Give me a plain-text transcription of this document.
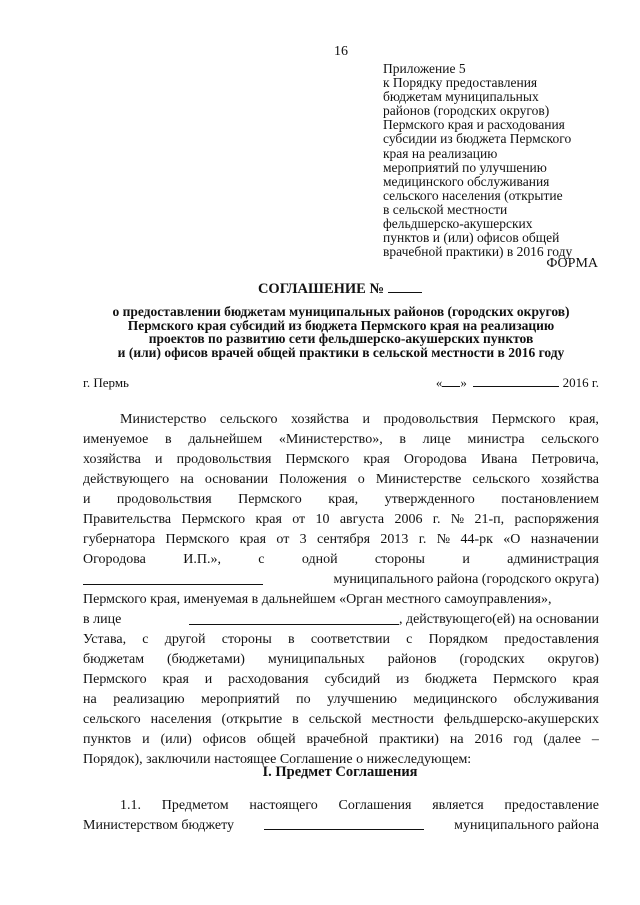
16
Приложение 5
к Порядку предоставления
бюджетам муниципальных
районов (городских округов)
Пермского края и расходования
субсидии из бюджета Пермского
края на реализацию
мероприятий по улучшению
медицинского обслуживания
сельского населения (открытие
в сельской местности
фельдшерско-акушерских
пунктов и (или) офисов общей
врачебной практики) в 2016 году
ФОРМА
СОГЛАШЕНИЕ №
о предоставлении бюджетам муниципальных районов (городских округов)
Пермского края субсидий из бюджета Пермского края на реализацию
проектов по развитию сети фельдшерско-акушерских пунктов
и (или) офисов врачей общей практики в сельской местности в 2016 году
г. Пермь	« »	2016 г.
Министерство сельского хозяйства и продовольствия Пермского края,
именуемое в дальнейшем «Министерство», в лице министра сельского
хозяйства и продовольствия Пермского края Огородова Ивана Петровича,
действующего на основании Положения о Министерстве сельского хозяйства
и продовольствия Пермского края, утвержденного постановлением
Правительства Пермского края от 10 августа 2006 г. № 21-п, распоряжения
губернатора Пермского края от 3 сентября 2013 г. № 44-рк «О назначении
Огородова	И.П.»,	с	одной	стороны	и	администрация
муниципального района (городского округа)
Пермского края, именуемая в дальнейшем «Орган местного самоуправления»,
в лице	, действующего(ей) на основании
Устава, с другой стороны в соответствии с Порядком предоставления
бюджетам (бюджетами) муниципальных районов (городских округов)
Пермского края и расходования субсидий из бюджета Пермского края
на реализацию мероприятий по улучшению медицинского обслуживания
сельского населения (открытие в сельской местности фельдшерско-акушерских
пунктов и (или) офисов общей врачебной практики) на 2016 год (далее –
Порядок), заключили настоящее Соглашение о нижеследующем:
I. Предмет Соглашения
1.1. Предметом настоящего Соглашения является предоставление
Министерством бюджету	муниципального района
